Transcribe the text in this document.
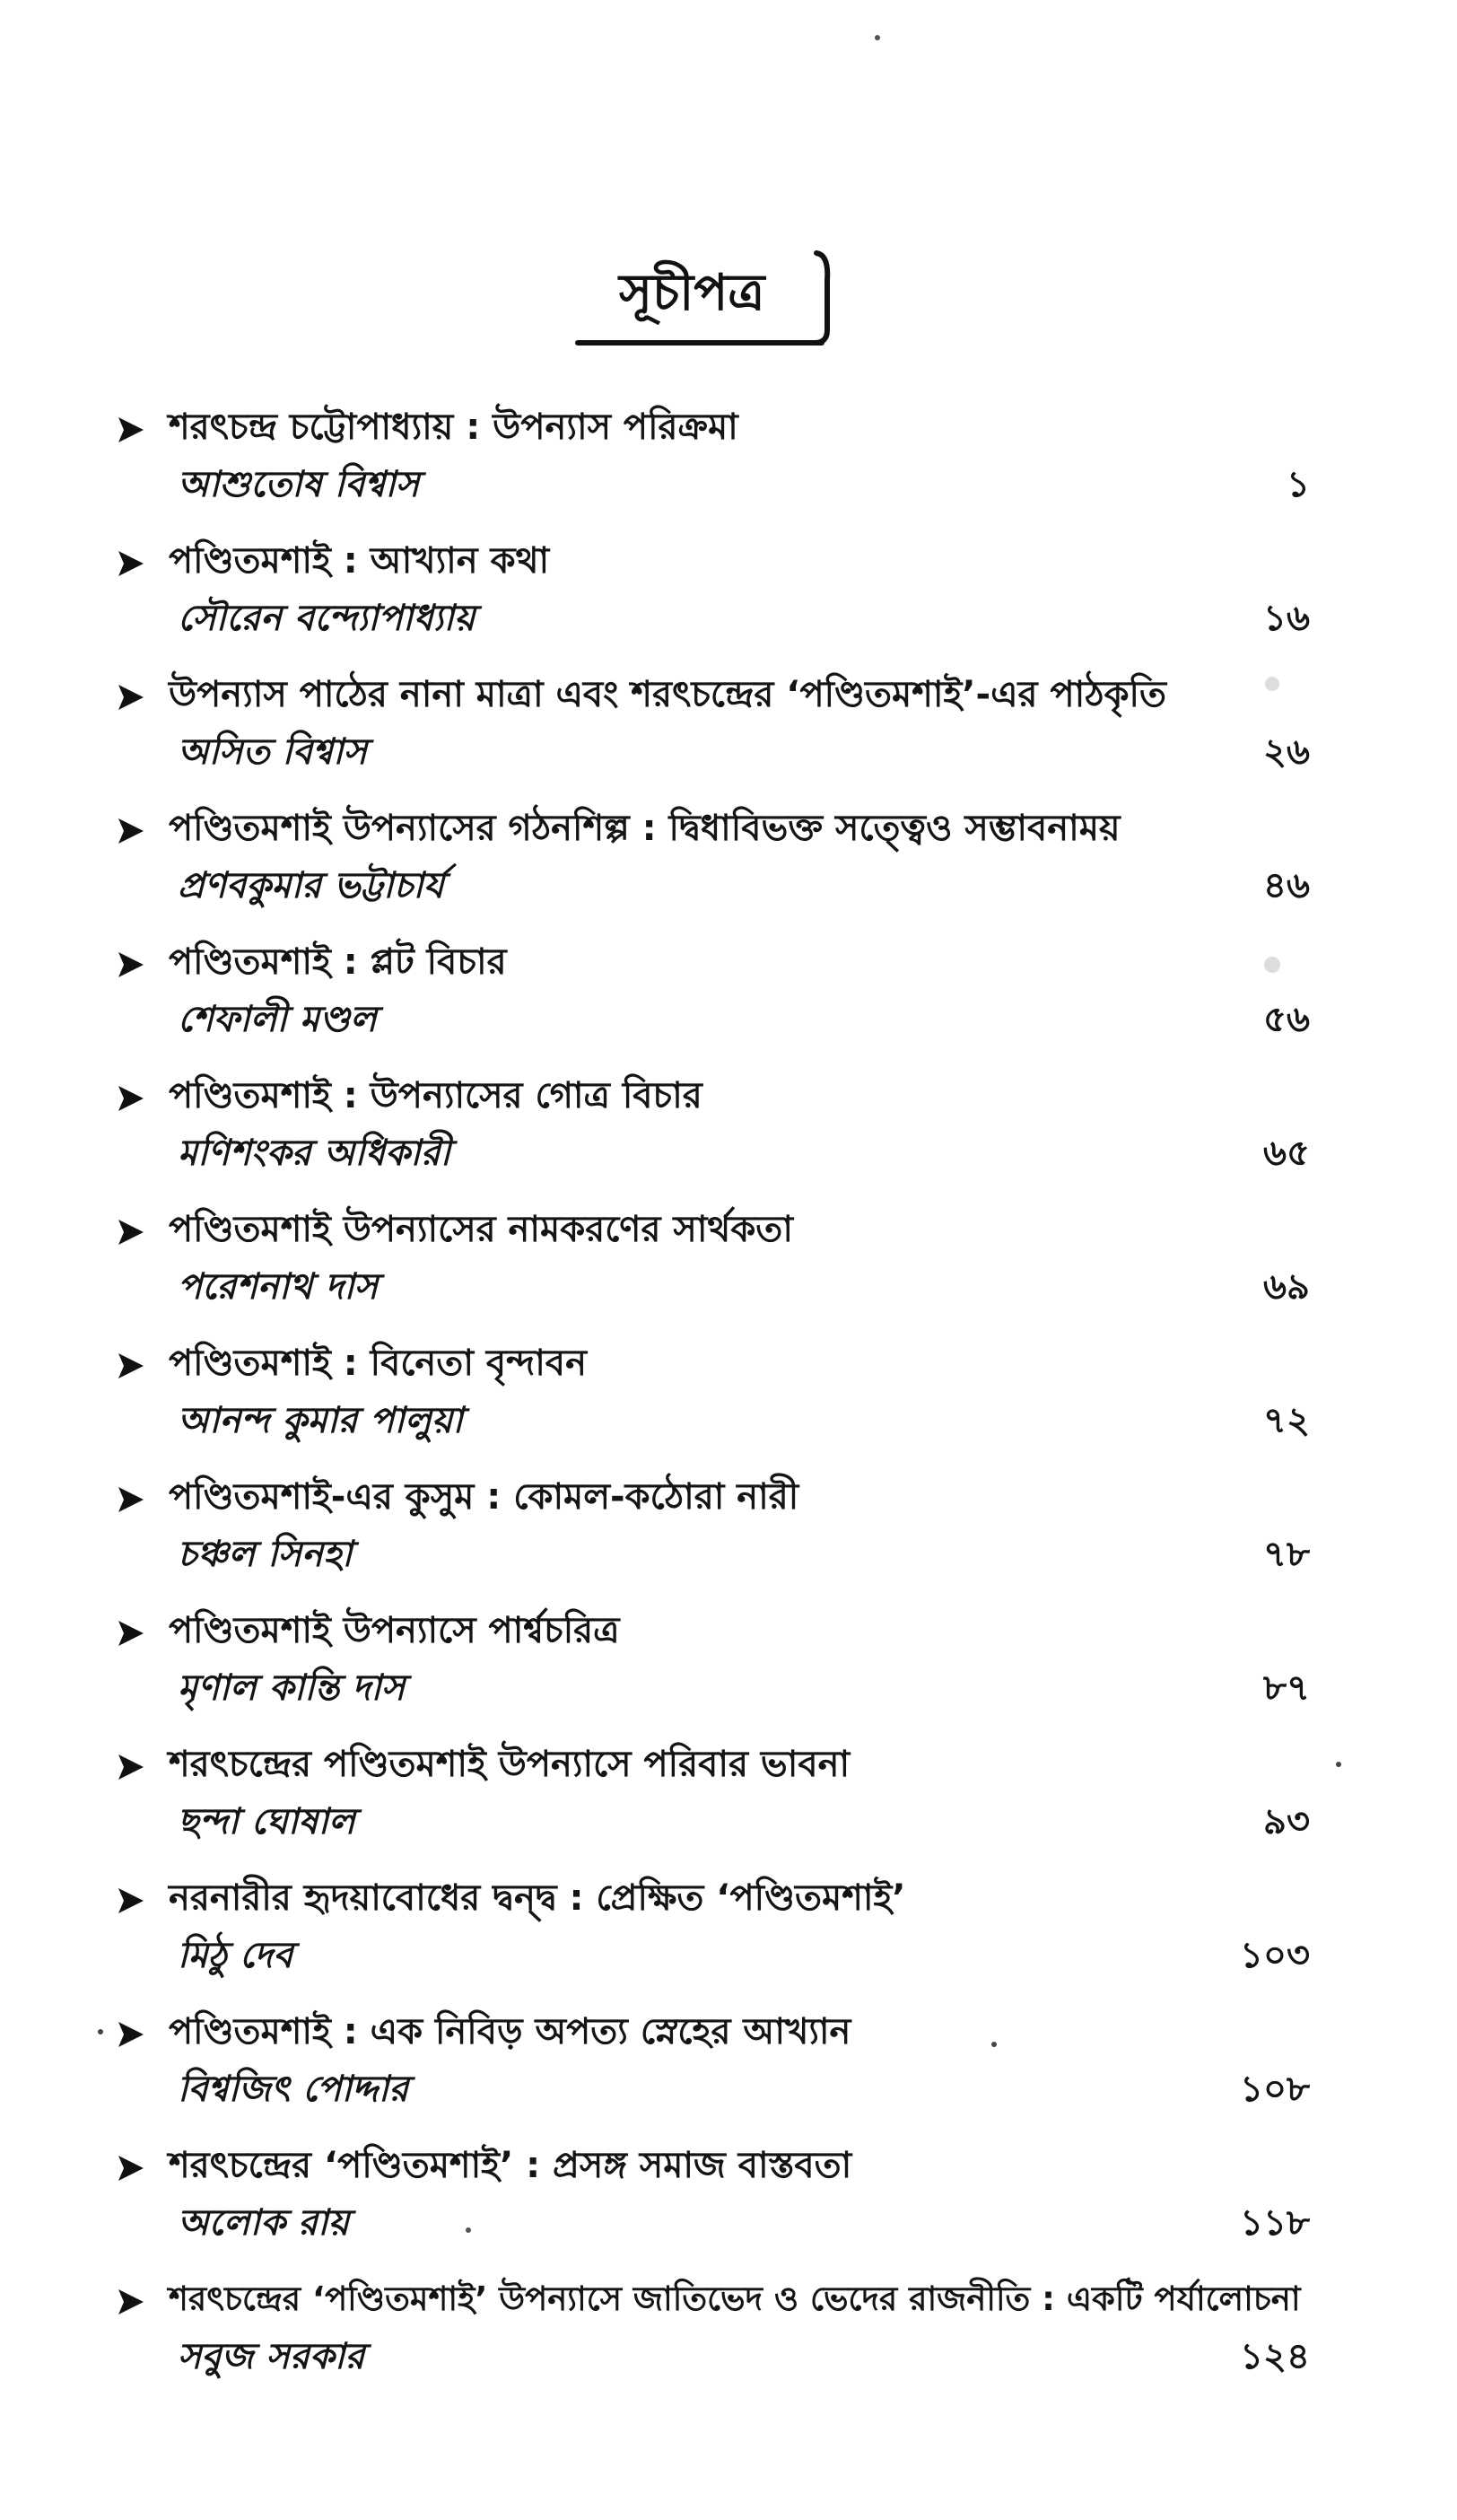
সূচীপত্র
শরৎচন্দ্র চট্টোপাধ্যায় : উপন্যাস পরিক্রমা
আশুতোষ বিশ্বাস	১
পণ্ডিতমশাই : আখ্যান কথা
সৌরেন বন্দ্যোপাধ্যায়	১৬
উপন্যাস পাঠের নানা মাত্রা এবং শরৎচন্দ্রের ‘পণ্ডিতমশাই’-এর পাঠকৃতি
অসিত বিশ্বাস	২৬
পণ্ডিতমশাই উপন্যাসের গঠনশিল্প : দ্বিধাবিভক্ত সত্ত্বেও সম্ভাবনাময়
প্রণবকুমার ভট্টাচার্য	৪৬
পণ্ডিতমশাই : প্লট বিচার
শেফালী মণ্ডল	৫৬
পণ্ডিতমশাই : উপন্যাসের গোত্র বিচার
মণিশংকর অধিকারী	৬৫
পণ্ডিতমশাই উপন্যাসের নামকরণের সার্থকতা
পরেশনাথ দাস	৬৯
পণ্ডিতমশাই : বিনেতা বৃন্দাবন
আনন্দ কুমার পালুয়া	৭২
পণ্ডিতমশাই-এর কুসুম : কোমল-কঠোরা নারী
চঞ্চল সিনহা	৭৮
পণ্ডিতমশাই উপন্যাসে পার্শ্বচরিত্র
মৃণাল কান্তি দাস	৮৭
শরৎচন্দ্রের পণ্ডিতমশাই উপন্যাসে পরিবার ভাবনা
ছন্দা ঘোষাল	৯৩
নরনারীর হৃদয়াবোধের দ্বন্দ্ব : প্রেক্ষিত ‘পণ্ডিতমশাই’
মিঠু দেব	১০৩
পণ্ডিতমশাই : এক নিবিড় অপত্য স্নেহের আখ্যান
বিশ্বজিৎ পোদ্দার	১০৮
শরৎচন্দ্রের ‘পণ্ডিতমশাই’ : প্রসঙ্গ সমাজ বাস্তবতা
অলোক রায়	১১৮
শরৎচন্দ্রের ‘পণ্ডিতমশাই’ উপন্যাসে জাতিভেদ ও ভেদের রাজনীতি : একটি পর্যালোচনা
সবুজ সরকার	১২৪
